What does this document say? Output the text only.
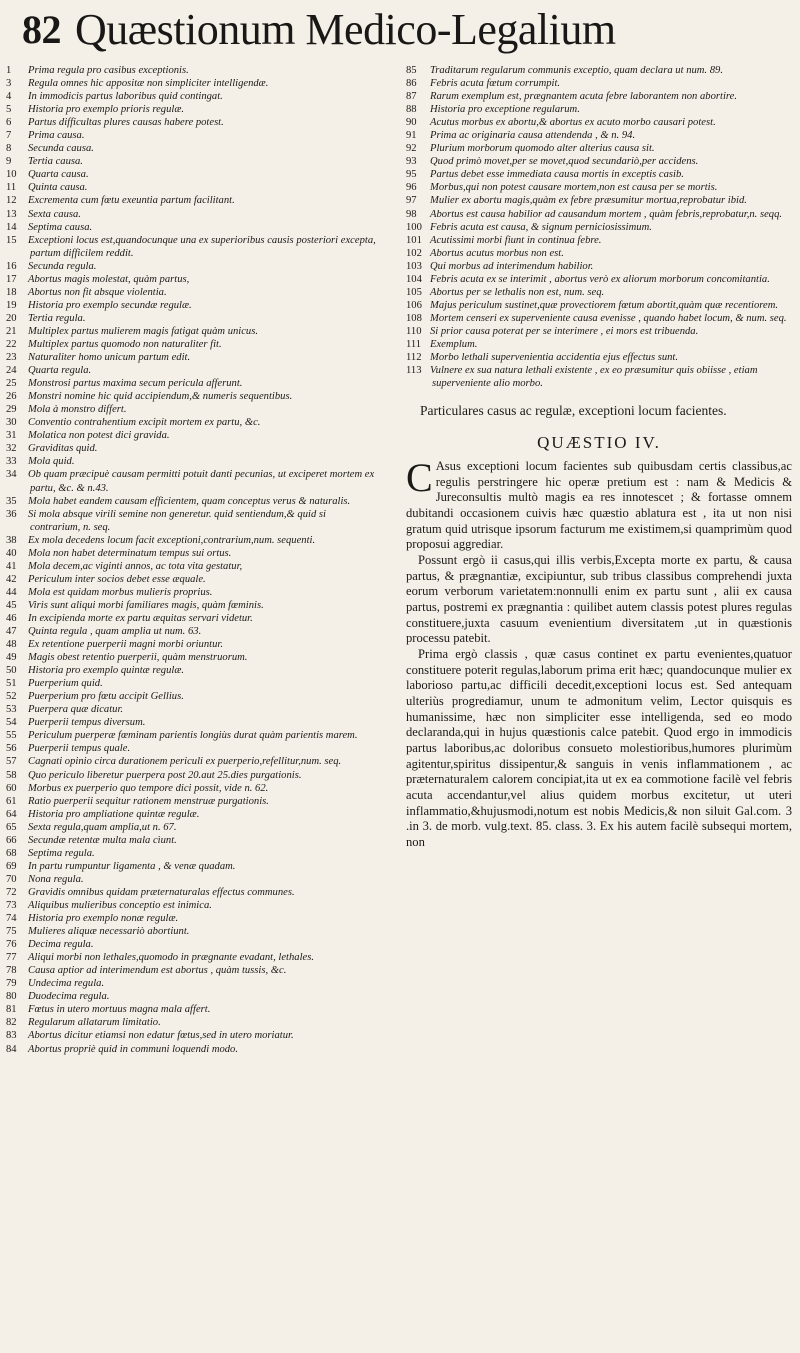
82 Quæstionum Medico-Legalium
1 Prima regula pro casibus exceptionis.
3 Regula omnes hic appositæ non simpliciter intelligendæ.
4 In immodicis partus laboribus quid contingat.
5 Historia pro exemplo prioris regulæ.
6 Partus difficultas plures causas habere potest.
7 Prima causa.
8 Secunda causa.
9 Tertia causa.
10 Quarta causa.
11 Quinta causa.
12 Excrementa cum fœtu exeuntia partum facilitant.
13 Sexta causa.
14 Septima causa.
15 Exceptioni locus est,quandocunque una ex superioribus causis posteriori excepta, partum difficilem reddit.
16 Secunda regula.
17 Abortus magis molestat, quàm partus,
18 Abortus non fit absque violentia.
19 Historia pro exemplo secundæ regulæ.
20 Tertia regula.
21 Multiplex partus mulierem magis fatigat quàm unicus.
22 Multiplex partus quomodo non naturaliter fit.
23 Naturaliter homo unicum partum edit.
24 Quarta regula.
25 Monstrosi partus maxima secum pericula afferunt.
26 Monstri nomine hic quid accipiendum,& numeris sequentibus.
29 Mola à monstro differt.
30 Conventio contrahentium excipit mortem ex partu, &c.
31 Molatica non potest dici gravida.
32 Graviditas quid.
33 Mola quid.
34 Ob quam præcipuè causam permitti potuit danti pecunias, ut exciperet mortem ex partu, &c. & n.43.
35 Mola habet eandem causam efficientem, quam conceptus verus & naturalis.
36 Si mola absque virili semine non generetur. quid sentiendum,& quid si contrarium, n. seq.
38 Ex mola decedens locum facit exceptioni,contrarium,num. sequenti.
40 Mola non habet determinatum tempus sui ortus.
41 Mola decem,ac viginti annos, ac tota vita gestatur,
42 Periculum inter socios debet esse æquale.
44 Mola est quidam morbus mulieris proprius.
45 Viris sunt aliqui morbi familiares magis, quàm fœminis.
46 In excipienda morte ex partu æquitas servari videtur.
47 Quinta regula , quam amplia ut num. 63.
48 Ex retentione puerperii magni morbi oriuntur.
49 Magis obest retentio puerperii, quàm menstruorum.
50 Historia pro exemplo quintæ regulæ.
51 Puerperium quid.
52 Puerperium pro fœtu accipit Gellius.
53 Puerpera quæ dicatur.
54 Puerperii tempus diversum.
55 Periculum puerperæ fœminam parientis longiùs durat quàm parientis marem.
56 Puerperii tempus quale.
57 Cagnati opinio circa durationem periculi ex puerperio,refellitur,num. seq.
58 Quo periculo liberetur puerpera post 20.aut 25.dies purgationis.
60 Morbus ex puerperio quo tempore dici possit, vide n. 62.
61 Ratio puerperii sequitur rationem menstruæ purgationis.
64 Historia pro ampliatione quintæ regulæ.
65 Sexta regula,quam amplia,ut n. 67.
66 Secundæ retentæ multa mala cìunt.
68 Septima regula.
69 In partu rumpuntur ligamenta , & venæ quadam.
70 Nona regula.
72 Gravidis omnibus quidam præternaturalas effectus communes.
73 Aliquibus mulieribus conceptio est inimica.
74 Historia pro exemplo nonæ regulæ.
75 Mulieres aliquæ necessariò abortiunt.
76 Decima regula.
77 Aliqui morbi non lethales,quomodo in prægnante evadant, lethales.
78 Causa aptior ad interimendum est abortus , quàm tussis, &c.
79 Undecima regula.
80 Duodecima regula.
81 Fœtus in utero mortuus magna mala affert.
82 Regularum allatarum limitatio.
83 Abortus dicitur etiamsi non edatur fœtus,sed in utero moriatur.
84 Abortus propriè quid in communi loquendi modo.
85 Traditarum regularum communis exceptio, quam declara ut num. 89.
86 Febris acuta fœtum corrumpit.
87 Rarum exemplum est, prægnantem acuta febre laborantem non abortire.
88 Historia pro exceptione regularum.
90 Acutus morbus ex abortu,& abortus ex acuto morbo causari potest.
91 Prima ac originaria causa attendenda , & n. 94.
92 Plurium morborum quomodo alter alterius causa sit.
93 Quod primò movet,per se movet,quod secundariò,per accidens.
95 Partus debet esse immediata causa mortis in exceptis casib.
96 Morbus,qui non potest causare mortem,non est causa per se mortis.
97 Mulier ex abortu magis,quàm ex febre præsumitur mortua,reprobatur ibid.
98 Abortus est causa habilior ad causandum mortem , quàm febris,reprobatur,n. seqq.
100 Febris acuta est causa, & signum perniciosissimum.
101 Acutissimi morbi fiunt in continua febre.
102 Abortus acutus morbus non est.
103 Qui morbus ad interimendum habilior.
104 Febris acuta ex se interimit , abortus verò ex aliorum morborum concomitantia.
105 Abortus per se lethalis non est, num. seq.
106 Majus periculum sustinet,quæ provectiorem fœtum abortit,quàm quæ recentiorem.
108 Mortem censeri ex superveniente causa evenisse , quando habet locum, & num. seq.
110 Si prior causa poterat per se interimere , ei mors est tribuenda.
111 Exemplum.
112 Morbo lethali supervenientia accidentia ejus effectus sunt.
113 Vulnere ex sua natura lethali existente , ex eo præsumitur quis obiisse , etiam superveniente alio morbo.

Particulares casus ac regulæ, exceptioni locum facientes.

QUÆSTIO IV.

C Asus exceptioni locum facientes sub quibusdam certis classibus,ac regulis perstringere hic operæ pretium est : nam & Medicis & Jureconsultis multò magis ea res innotescet ; & fortasse omnem dubitandi occasionem cuivis hæc quæstio ablatura est , ita ut non nisi gratum quid utrisque ipsorum facturum me existimem,si quamprimùm quod proposui aggrediar.

Possunt ergò ii casus,qui illis verbis,Excepta morte ex partu, & causa partus, & prægnantiæ, excipiuntur, sub tribus classibus comprehendi juxta eorum verborum varietatem:nonnulli enim ex partu sunt , alii ex causa partus, postremi ex prægnantia : quilibet autem classis potest plures regulas constituere,juxta casuum evenientium diversitatem ,ut in quæstionis processu patebit.

Prima ergò classis , quæ casus continet ex partu evenientes,quatuor constituere poterit regulas,laborum prima erit hæc; quandocunque mulier ex laborioso partu,ac difficili decedit,exceptioni locus est. Sed antequam ulteriùs progrediamur, unum te admonitum velim, Lector quisquis es humanissime, hæc non simpliciter esse intelligenda, sed eo modo declaranda,qui in hujus quæstionis calce patebit. Quod ergo in immodicis partus laboribus,ac doloribus consueto molestioribus,humores plurimùm agitentur,spiritus dissipentur,& sanguis in venis inflammationem , ac præternaturalem calorem concipiat,ita ut ex ea commotione facilè vel febris acuta accendantur,vel alius quidem morbus excitetur, ut uteri inflammatio,&hujusmodi,notum est nobis Medicis,& non siluit Gal.com. 3 .in 3. de morb. vulg.text. 85. class. 3. Ex his autem facilè subsequi mortem, non
